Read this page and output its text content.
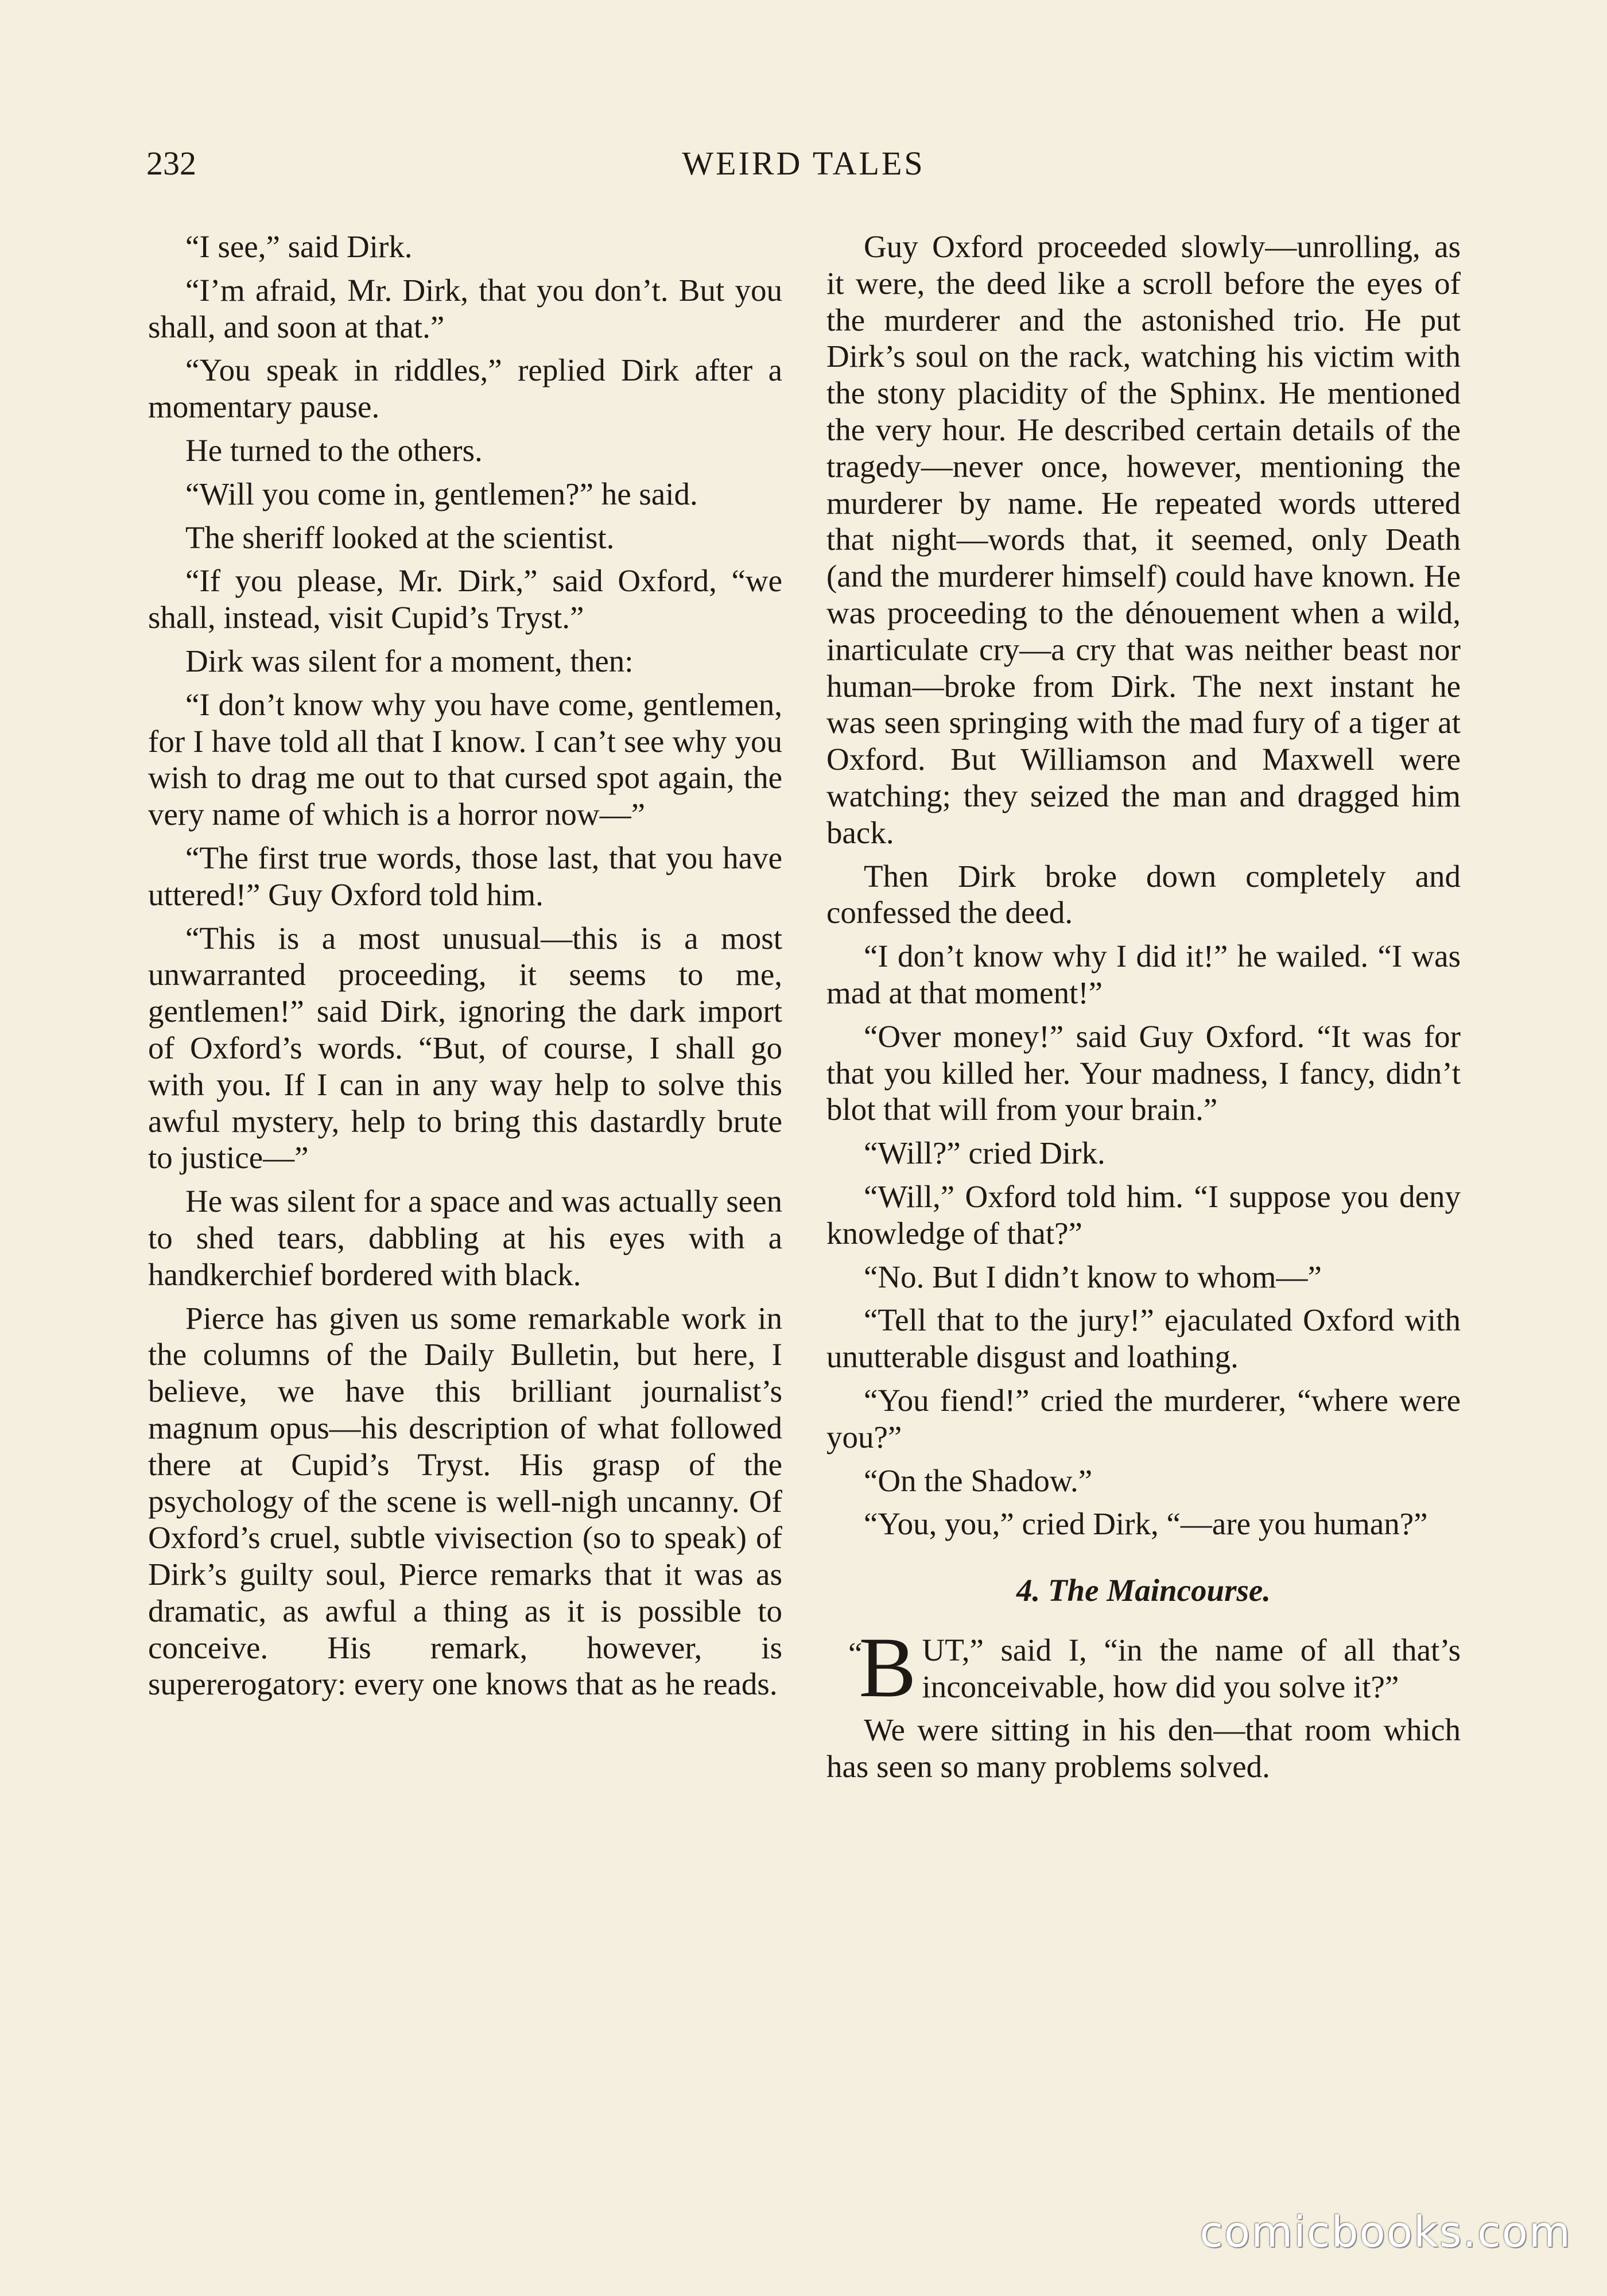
232	WEIRD TALES

“I see,” said Dirk.

“I’m afraid, Mr. Dirk, that you don’t. But you shall, and soon at that.”

“You speak in riddles,” replied Dirk after a momentary pause.

He turned to the others.

“Will you come in, gentlemen?” he said.

The sheriff looked at the scientist.

“If you please, Mr. Dirk,” said Oxford, “we shall, instead, visit Cupid’s Tryst.”

Dirk was silent for a moment, then:

“I don’t know why you have come, gentlemen, for I have told all that I know. I can’t see why you wish to drag me out to that cursed spot again, the very name of which is a horror now—”

“The first true words, those last, that you have uttered!” Guy Oxford told him.

“This is a most unusual—this is a most unwarranted proceeding, it seems to me, gentlemen!” said Dirk, ignoring the dark import of Oxford’s words. “But, of course, I shall go with you. If I can in any way help to solve this awful mystery, help to bring this dastardly brute to justice—”

He was silent for a space and was actually seen to shed tears, dabbling at his eyes with a handkerchief bordered with black.

Pierce has given us some remarkable work in the columns of the Daily Bulletin, but here, I believe, we have this brilliant journalist’s magnum opus—his description of what followed there at Cupid’s Tryst. His grasp of the psychology of the scene is well-nigh uncanny. Of Oxford’s cruel, subtle vivisection (so to speak) of Dirk’s guilty soul, Pierce remarks that it was as dramatic, as awful a thing as it is possible to conceive. His remark, however, is supererogatory: every one knows that as he reads.

Guy Oxford proceeded slowly—unrolling, as it were, the deed like a scroll before the eyes of the murderer and the astonished trio. He put Dirk’s soul on the rack, watching his victim with the stony placidity of the Sphinx. He mentioned the very hour. He described certain details of the tragedy—never once, however, mentioning the murderer by name. He repeated words uttered that night—words that, it seemed, only Death (and the murderer himself) could have known. He was proceeding to the dénouement when a wild, inarticulate cry—a cry that was neither beast nor human—broke from Dirk. The next instant he was seen springing with the mad fury of a tiger at Oxford. But Williamson and Maxwell were watching; they seized the man and dragged him back.

Then Dirk broke down completely and confessed the deed.

“I don’t know why I did it!” he wailed. “I was mad at that moment!”

“Over money!” said Guy Oxford. “It was for that you killed her. Your madness, I fancy, didn’t blot that will from your brain.”

“Will?” cried Dirk.

“Will,” Oxford told him. “I suppose you deny knowledge of that?”

“No. But I didn’t know to whom—”

“Tell that to the jury!” ejaculated Oxford with unutterable disgust and loathing.

“You fiend!” cried the murderer, “where were you?”

“On the Shadow.”

“You, you,” cried Dirk, “—are you human?”

4. The Maincourse.

“B UT,” said I, “in the name of all that’s inconceivable, how did you solve it?”

We were sitting in his den—that room which has seen so many problems solved.

comicbooks.com
